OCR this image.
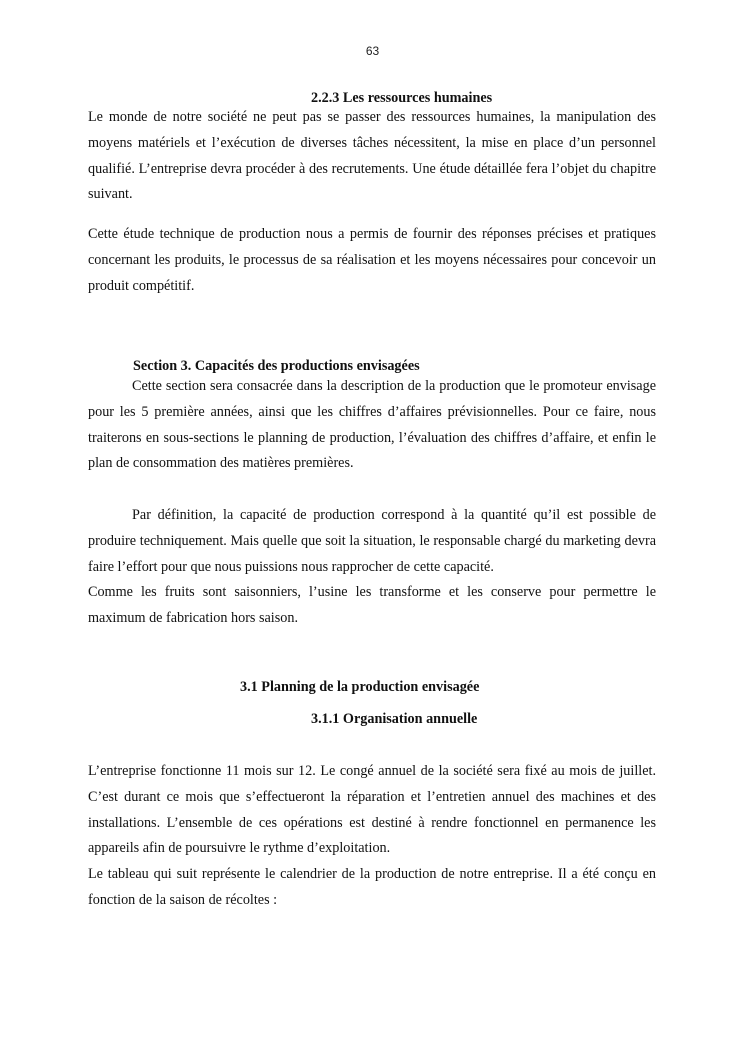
63
2.2.3 Les ressources humaines

Le monde de notre société ne peut pas se passer des ressources humaines, la manipulation des moyens matériels et l’exécution de diverses tâches nécessitent, la mise en place d’un personnel qualifié. L’entreprise devra procéder à des recrutements. Une étude détaillée fera l’objet du chapitre suivant.

Cette étude technique de production nous a permis de fournir des réponses précises et pratiques concernant les produits, le processus de sa réalisation et les moyens nécessaires pour concevoir un produit compétitif.

Section 3. Capacités des productions envisagées

Cette section sera consacrée dans la description de la production que le promoteur envisage pour les 5 première années, ainsi que les chiffres d’affaires prévisionnelles. Pour ce faire, nous traiterons en sous-sections le planning de production, l’évaluation des chiffres d’affaire, et enfin le plan de consommation des matières premières.

Par définition, la capacité de production correspond à la quantité qu’il est possible de produire techniquement. Mais quelle que soit la situation, le responsable chargé du marketing devra faire l’effort pour que nous puissions nous rapprocher de cette capacité.

Comme les fruits sont saisonniers, l’usine les transforme et les conserve pour permettre le maximum de fabrication hors saison.

3.1 Planning de la production envisagée
3.1.1 Organisation annuelle

L’entreprise fonctionne 11 mois sur 12. Le congé annuel de la société sera fixé au mois de juillet. C’est durant ce mois que s’effectueront la réparation et l’entretien annuel des machines et des installations. L’ensemble de ces opérations est destiné à rendre fonctionnel en permanence les appareils afin de poursuivre le rythme d’exploitation.

Le tableau qui suit représente le calendrier de la production de notre entreprise. Il a été conçu en fonction de la saison de récoltes :
